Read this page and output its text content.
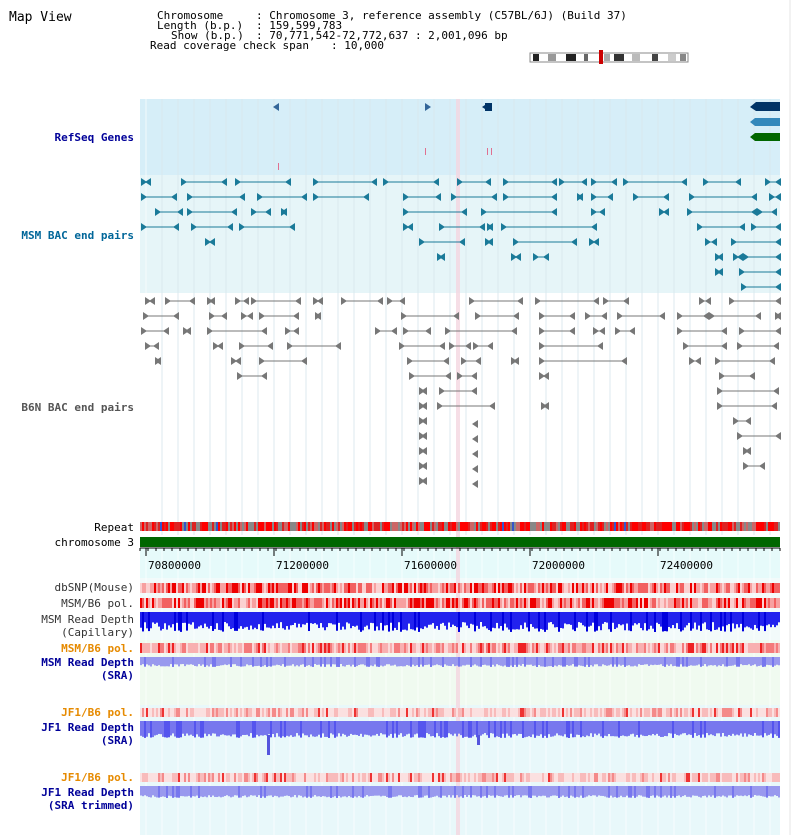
Map View	Chromosome	: Chromosome 3, reference assembly (C57BL/6J) (Build 37)
Length (b.p.) : 159,599,783
Show (b.p.) : 70,771,542-72,772,637 : 2,001,096 bp
Read coverage check span : 10,000
RefSeq Genes
MSM BAC end pairs
B6N BAC end pairs
Repeat
chromosome 3
70800000	71200000	71600000	72000000	72400000
dbSNP(Mouse)
MSM/B6 pol.
MSM Read Depth
(Capillary)
MSM/B6 pol.
MSM Read Depth
(SRA)
JF1/B6 pol.
JF1 Read Depth
(SRA)
JF1/B6 pol.
JF1 Read Depth
(SRA trimmed)
